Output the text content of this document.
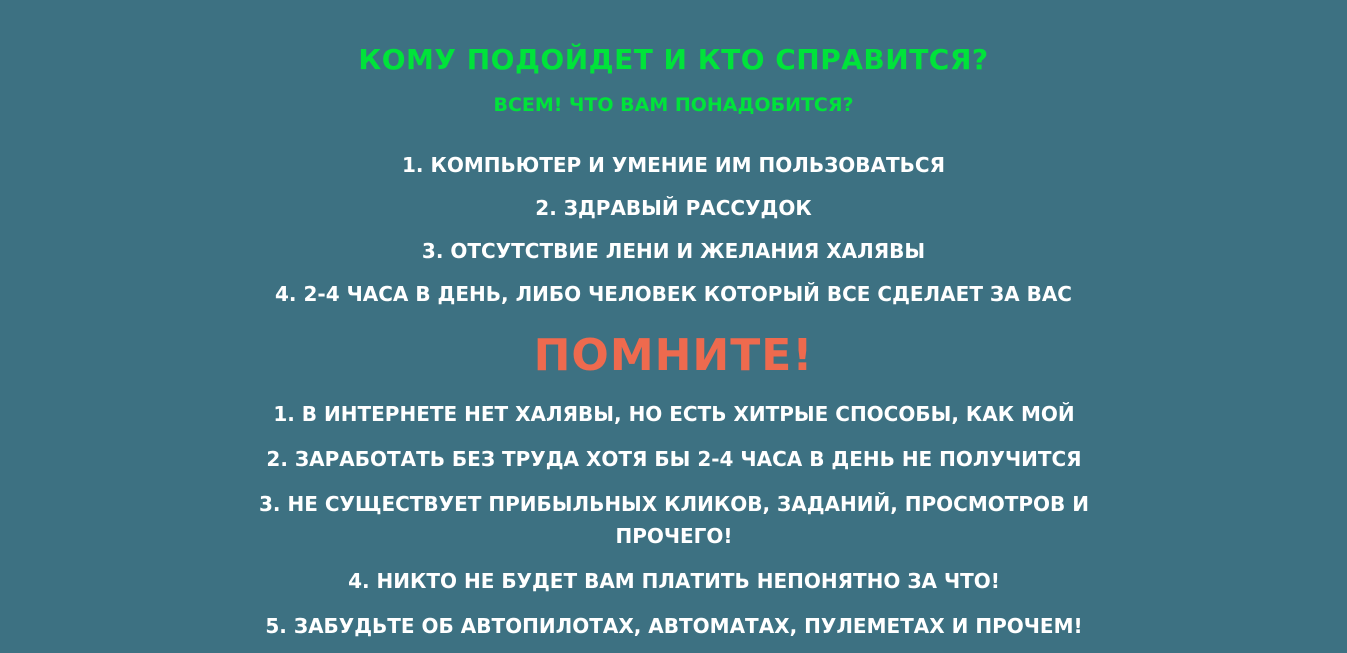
КОМУ ПОДОЙДЕТ И КТО СПРАВИТСЯ?
ВСЕМ! ЧТО ВАМ ПОНАДОБИТСЯ?
1. КОМПЬЮТЕР И УМЕНИЕ ИМ ПОЛЬЗОВАТЬСЯ
2. ЗДРАВЫЙ РАССУДОК
3. ОТСУТСТВИЕ ЛЕНИ И ЖЕЛАНИЯ ХАЛЯВЫ
4. 2-4 ЧАСА В ДЕНЬ, ЛИБО ЧЕЛОВЕК КОТОРЫЙ ВСЕ СДЕЛАЕТ ЗА ВАС
ПОМНИТЕ!
1. В ИНТЕРНЕТЕ НЕТ ХАЛЯВЫ, НО ЕСТЬ ХИТРЫЕ СПОСОБЫ, КАК МОЙ
2. ЗАРАБОТАТЬ БЕЗ ТРУДА ХОТЯ БЫ 2-4 ЧАСА В ДЕНЬ НЕ ПОЛУЧИТСЯ
3. НЕ СУЩЕСТВУЕТ ПРИБЫЛЬНЫХ КЛИКОВ, ЗАДАНИЙ, ПРОСМОТРОВ И ПРОЧЕГО!
4. НИКТО НЕ БУДЕТ ВАМ ПЛАТИТЬ НЕПОНЯТНО ЗА ЧТО!
5. ЗАБУДЬТЕ ОБ АВТОПИЛОТАХ, АВТОМАТАХ, ПУЛЕМЕТАХ И ПРОЧЕМ!
